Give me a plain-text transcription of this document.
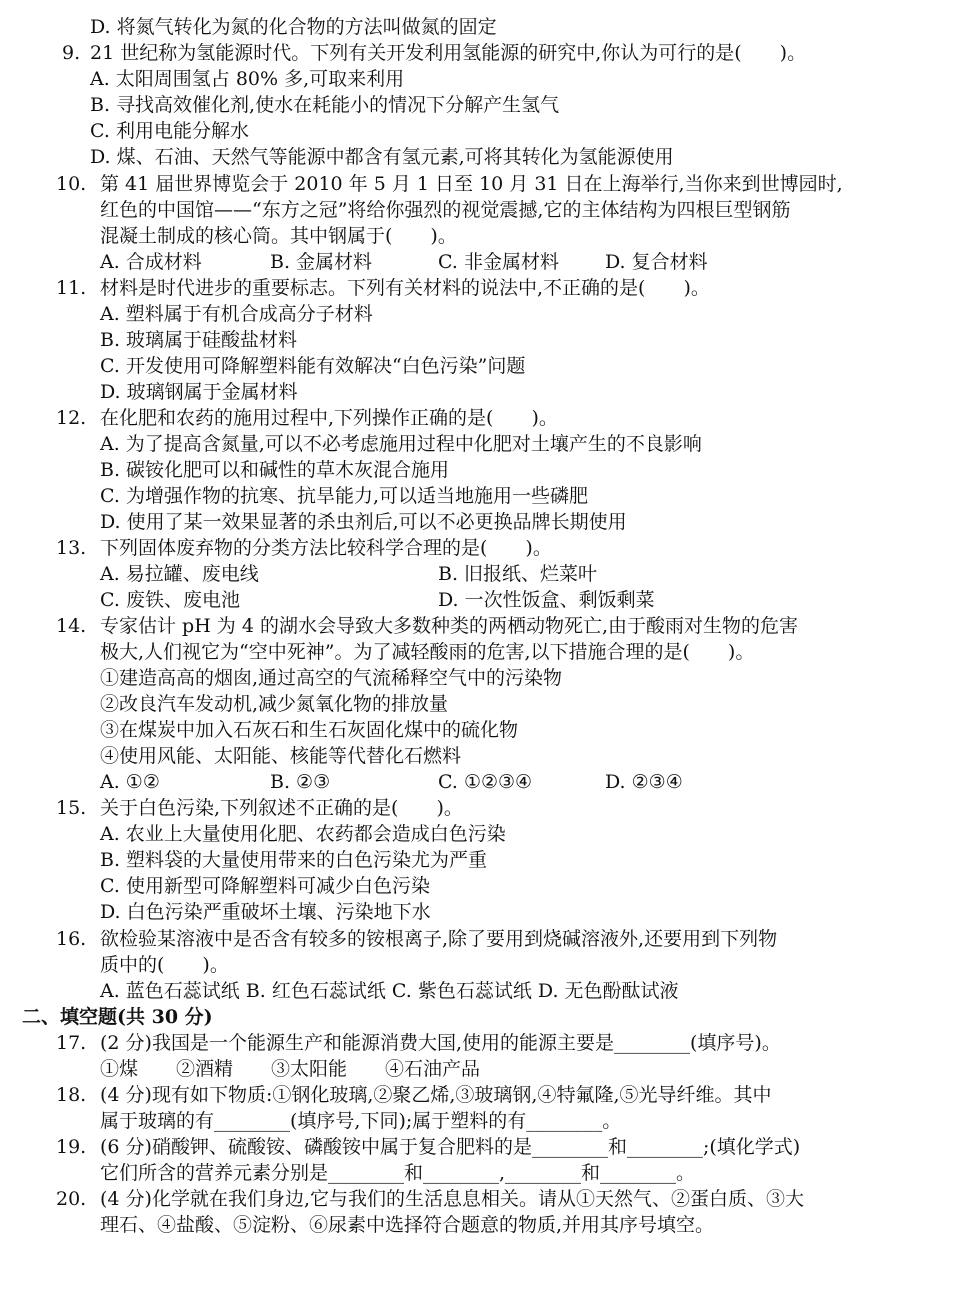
D. 将氮气转化为氮的化合物的方法叫做氮的固定
9. 21 世纪称为氢能源时代。下列有关开发利用氢能源的研究中,你认为可行的是(　　)。
A. 太阳周围氢占 80% 多,可取来利用
B. 寻找高效催化剂,使水在耗能小的情况下分解产生氢气
C. 利用电能分解水
D. 煤、石油、天然气等能源中都含有氢元素,可将其转化为氢能源使用
10. 第 41 届世界博览会于 2010 年 5 月 1 日至 10 月 31 日在上海举行,当你来到世博园时,
红色的中国馆——“东方之冠”将给你强烈的视觉震撼,它的主体结构为四根巨型钢筋
混凝土制成的核心筒。其中钢属于(　　)。
A. 合成材料	B. 金属材料	C. 非金属材料 D. 复合材料
11. 材料是时代进步的重要标志。下列有关材料的说法中,不正确的是(　　)。
A. 塑料属于有机合成高分子材料
B. 玻璃属于硅酸盐材料
C. 开发使用可降解塑料能有效解决“白色污染”问题
D. 玻璃钢属于金属材料
12. 在化肥和农药的施用过程中,下列操作正确的是(　　)。
A. 为了提高含氮量,可以不必考虑施用过程中化肥对土壤产生的不良影响
B. 碳铵化肥可以和碱性的草木灰混合施用
C. 为增强作物的抗寒、抗旱能力,可以适当地施用一些磷肥
D. 使用了某一效果显著的杀虫剂后,可以不必更换品牌长期使用
13. 下列固体废弃物的分类方法比较科学合理的是(　　)。
A. 易拉罐、废电线	B. 旧报纸、烂菜叶
C. 废铁、废电池	D. 一次性饭盒、剩饭剩菜
14. 专家估计 pH 为 4 的湖水会导致大多数种类的两栖动物死亡,由于酸雨对生物的危害
极大,人们视它为“空中死神”。为了减轻酸雨的危害,以下措施合理的是(　　)。
①建造高高的烟囱,通过高空的气流稀释空气中的污染物
②改良汽车发动机,减少氮氧化物的排放量
③在煤炭中加入石灰石和生石灰固化煤中的硫化物
④使用风能、太阳能、核能等代替化石燃料
A. ①②	B. ②③	C. ①②③④	D. ②③④
15. 关于白色污染,下列叙述不正确的是(　　)。
A. 农业上大量使用化肥、农药都会造成白色污染
B. 塑料袋的大量使用带来的白色污染尤为严重
C. 使用新型可降解塑料可减少白色污染
D. 白色污染严重破坏土壤、污染地下水
16. 欲检验某溶液中是否含有较多的铵根离子,除了要用到烧碱溶液外,还要用到下列物
质中的(　　)。
A. 蓝色石蕊试纸 B. 红色石蕊试纸 C. 紫色石蕊试纸 D. 无色酚酞试液
二、填空题(共 30 分)
17. (2 分)我国是一个能源生产和能源消费大国,使用的能源主要是________(填序号)。
①煤　　②酒精　　③太阳能　　④石油产品
18. (4 分)现有如下物质:①钢化玻璃,②聚乙烯,③玻璃钢,④特氟隆,⑤光导纤维。其中
属于玻璃的有________(填序号,下同);属于塑料的有________。
19. (6 分)硝酸钾、硫酸铵、磷酸铵中属于复合肥料的是________和________;(填化学式)
它们所含的营养元素分别是________和________,________和________。
20. (4 分)化学就在我们身边,它与我们的生活息息相关。请从①天然气、②蛋白质、③大
理石、④盐酸、⑤淀粉、⑥尿素中选择符合题意的物质,并用其序号填空。
